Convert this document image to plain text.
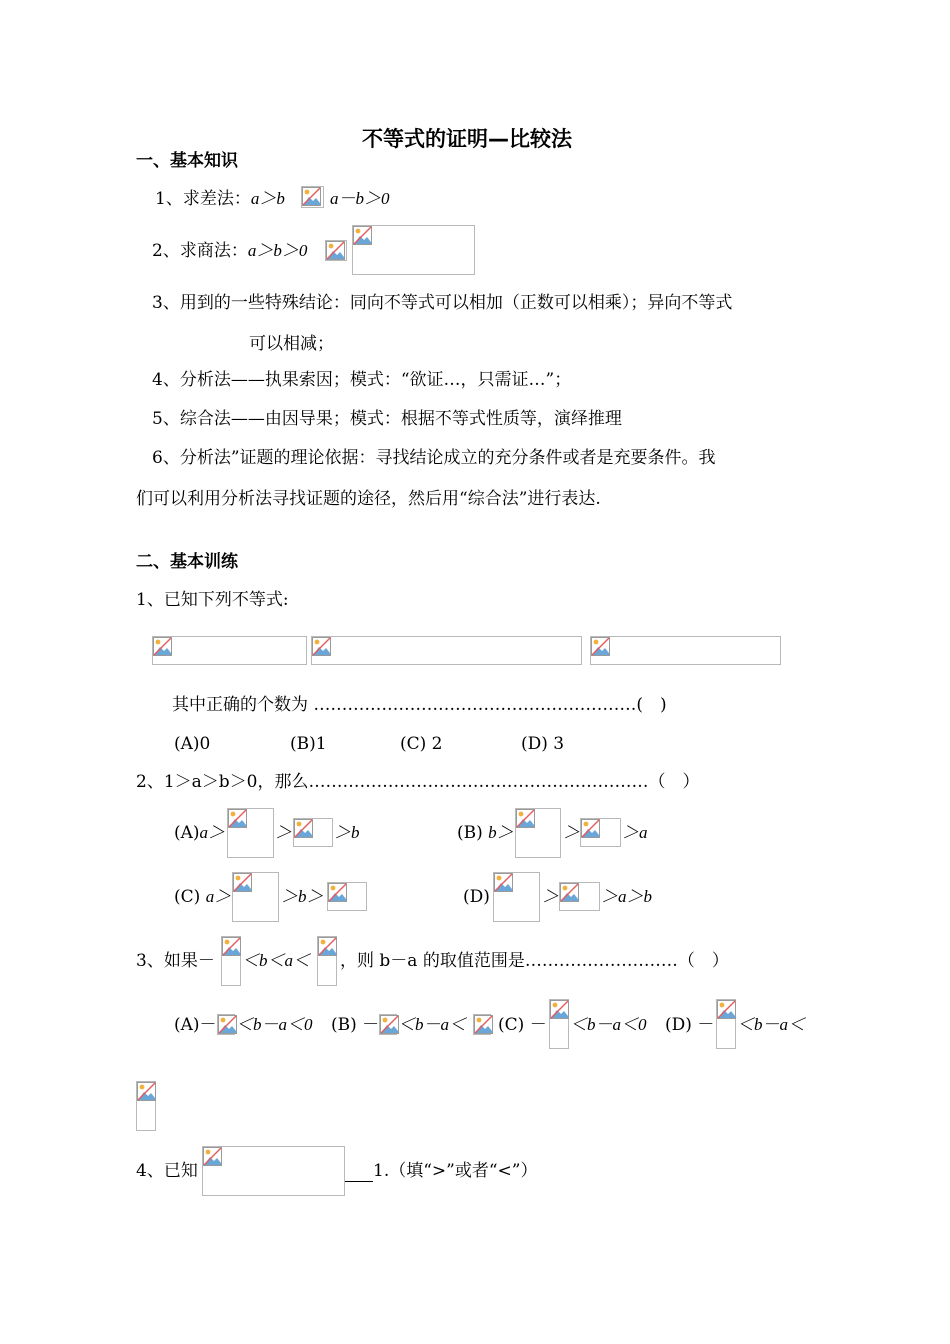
不等式的证明—比较法
一、基本知识
1、求差法：a＞b	a－b＞0
2、求商法：a＞b＞0
3、用到的一些特殊结论：同向不等式可以相加（正数可以相乘）；异向不等式
可以相减；
4、分析法——执果索因；模式：“欲证…，只需证…”；
5、综合法——由因导果；模式：根据不等式性质等，演绎推理
6、分析法”证题的理论依据：寻找结论成立的充分条件或者是充要条件。我
们可以利用分析法寻找证题的途径，然后用“综合法”进行表达.
二、基本训练
1、已知下列不等式:
其中正确的个数为 …………………………………………………(　)
(A)0	(B)1	(C) 2	(D) 3
2、1＞a＞b＞0，那么……………………………………………………（　）
(A)a＞	＞ ＞b	(B) b＞	＞ ＞a
(C) a＞	＞b＞	(D)	＞ ＞a＞b
3、如果－ ＜b＜a＜ ，则 b－a 的取值范围是………………………（　）
(A)－ ＜b－a＜0 (B) － ＜b－a＜ (C) － ＜b－a＜0 (D) － ＜b－a＜
4、已知	1.（填“>”或者“<”）
